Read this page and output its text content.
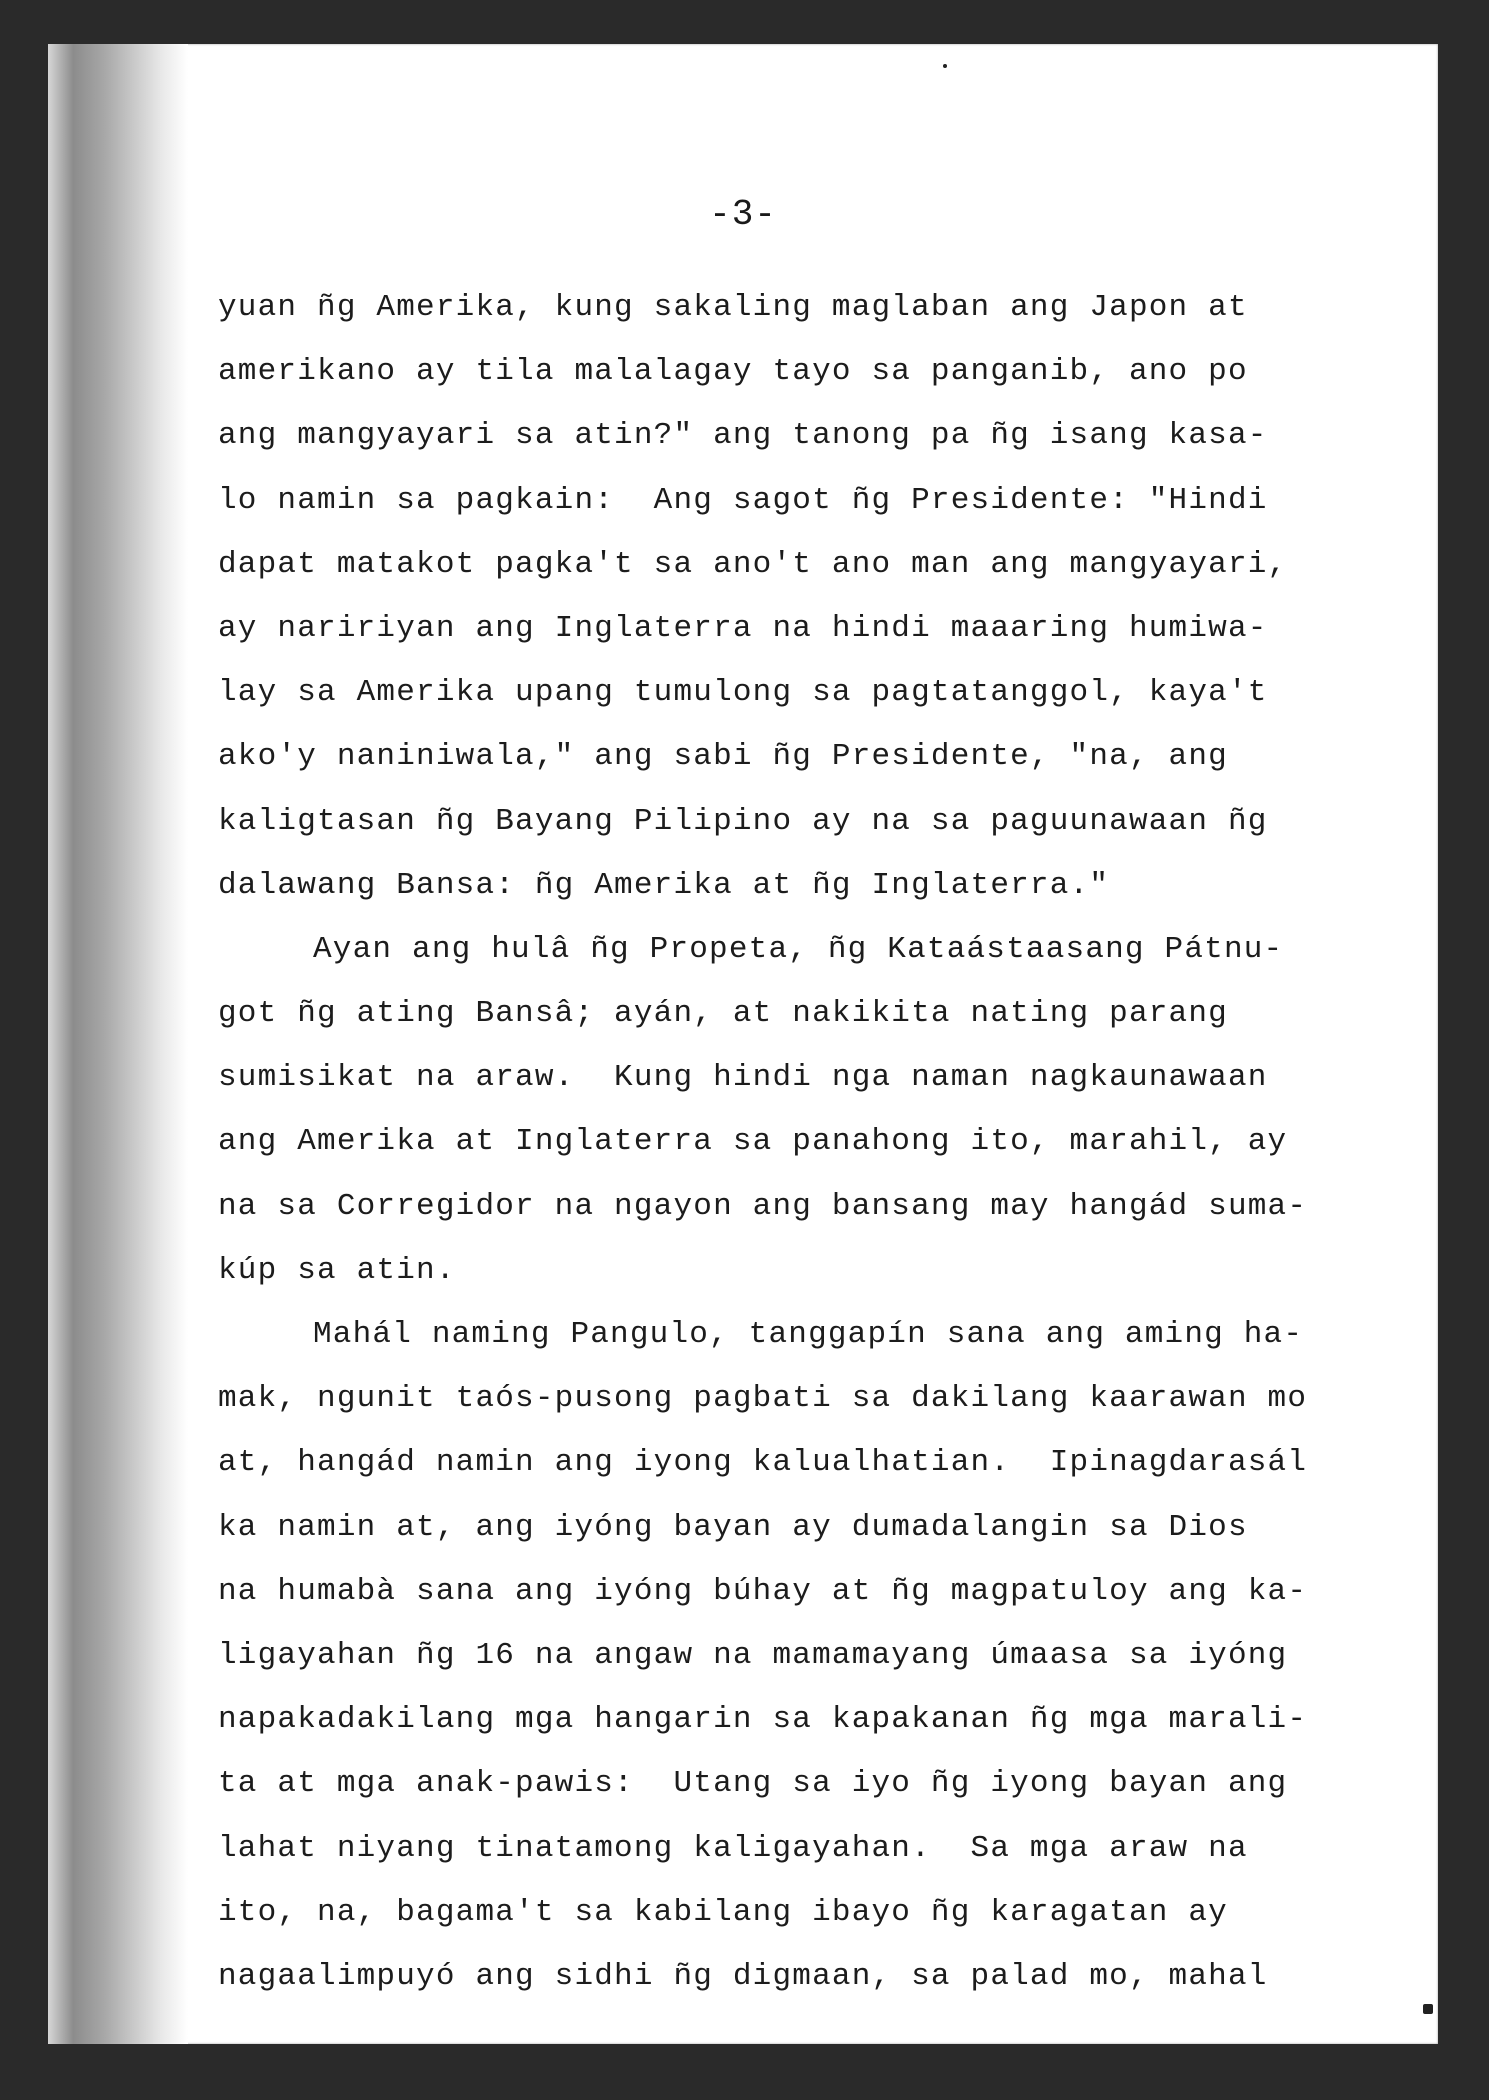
-3-
yuan ñg Amerika, kung sakaling maglaban ang Japon at
amerikano ay tila malalagay tayo sa panganib, ano po
ang mangyayari sa atin?" ang tanong pa ñg isang kasa-
lo namin sa pagkain:  Ang sagot ñg Presidente: "Hindi
dapat matakot pagka't sa ano't ano man ang mangyayari,
ay naririyan ang Inglaterra na hindi maaaring humiwa-
lay sa Amerika upang tumulong sa pagtatanggol, kaya't
ako'y naniniwala," ang sabi ñg Presidente, "na, ang
kaligtasan ñg Bayang Pilipino ay na sa paguunawaan ñg
dalawang Bansa: ñg Amerika at ñg Inglaterra."
Ayan ang hulâ ñg Propeta, ñg Kataástaasang Pátnu-
got ñg ating Bansâ; ayán, at nakikita nating parang
sumisikat na araw.  Kung hindi nga naman nagkaunawaan
ang Amerika at Inglaterra sa panahong ito, marahil, ay
na sa Corregidor na ngayon ang bansang may hangád suma-
kúp sa atin.
Mahál naming Pangulo, tanggapín sana ang aming ha-
mak, ngunit taós-pusong pagbati sa dakilang kaarawan mo
at, hangád namin ang iyong kalualhatian.  Ipinagdarasál
ka namin at, ang iyóng bayan ay dumadalangin sa Dios
na humabà sana ang iyóng búhay at ñg magpatuloy ang ka-
ligayahan ñg 16 na angaw na mamamayang úmaasa sa iyóng
napakadakilang mga hangarin sa kapakanan ñg mga marali-
ta at mga anak-pawis:  Utang sa iyo ñg iyong bayan ang
lahat niyang tinatamong kaligayahan.  Sa mga araw na
ito, na, bagama't sa kabilang ibayo ñg karagatan ay
nagaalimpuyó ang sidhi ñg digmaan, sa palad mo, mahal
